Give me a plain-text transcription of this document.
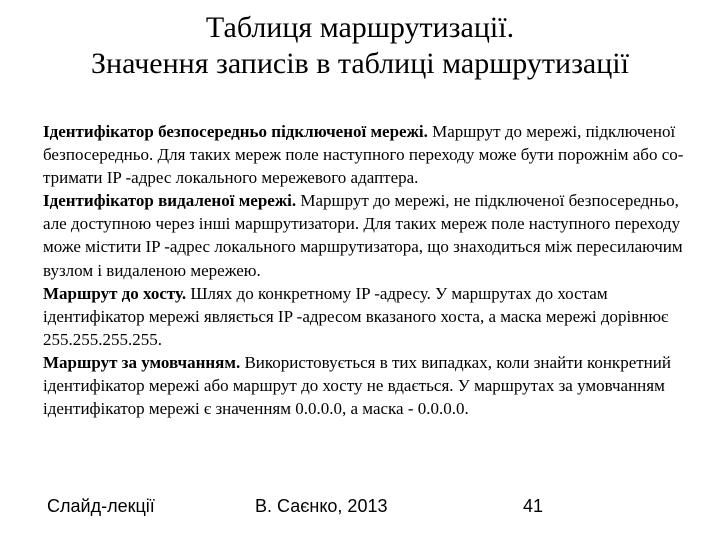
Таблиця маршрутизації.
Значення записів в таблиці маршрутизації

Ідентифікатор безпосередньо підключеної мережі. Маршрут до мережі, підключеної безпосередньо. Для таких мереж поле наступного переходу може бути порожнім або со- тримати IP -адрес локального мережевого адаптера.

Ідентифікатор видаленої мережі. Маршрут до мережі, не підключеної безпосередньо, але доступною через інші маршрутизатори. Для таких мереж поле наступного переходу може містити IP -адрес локального маршрутизатора, що знаходиться між пересилаючим вузлом і видаленою мережею.

Маршрут до хосту. Шлях до конкретному IP -адресу. У маршрутах до хостам ідентифікатор мережі являється IP -адресом вказаного хоста, а маска мережі дорівнює 255.255.255.255.

Маршрут за умовчанням. Використовується в тих випадках, коли знайти конкретний ідентифікатор мережі або маршрут до хосту не вдається. У маршрутах за умовчанням ідентифікатор мережі є значенням 0.0.0.0, а маска - 0.0.0.0.

Слайд-лекції	В. Саєнко, 2013	41
